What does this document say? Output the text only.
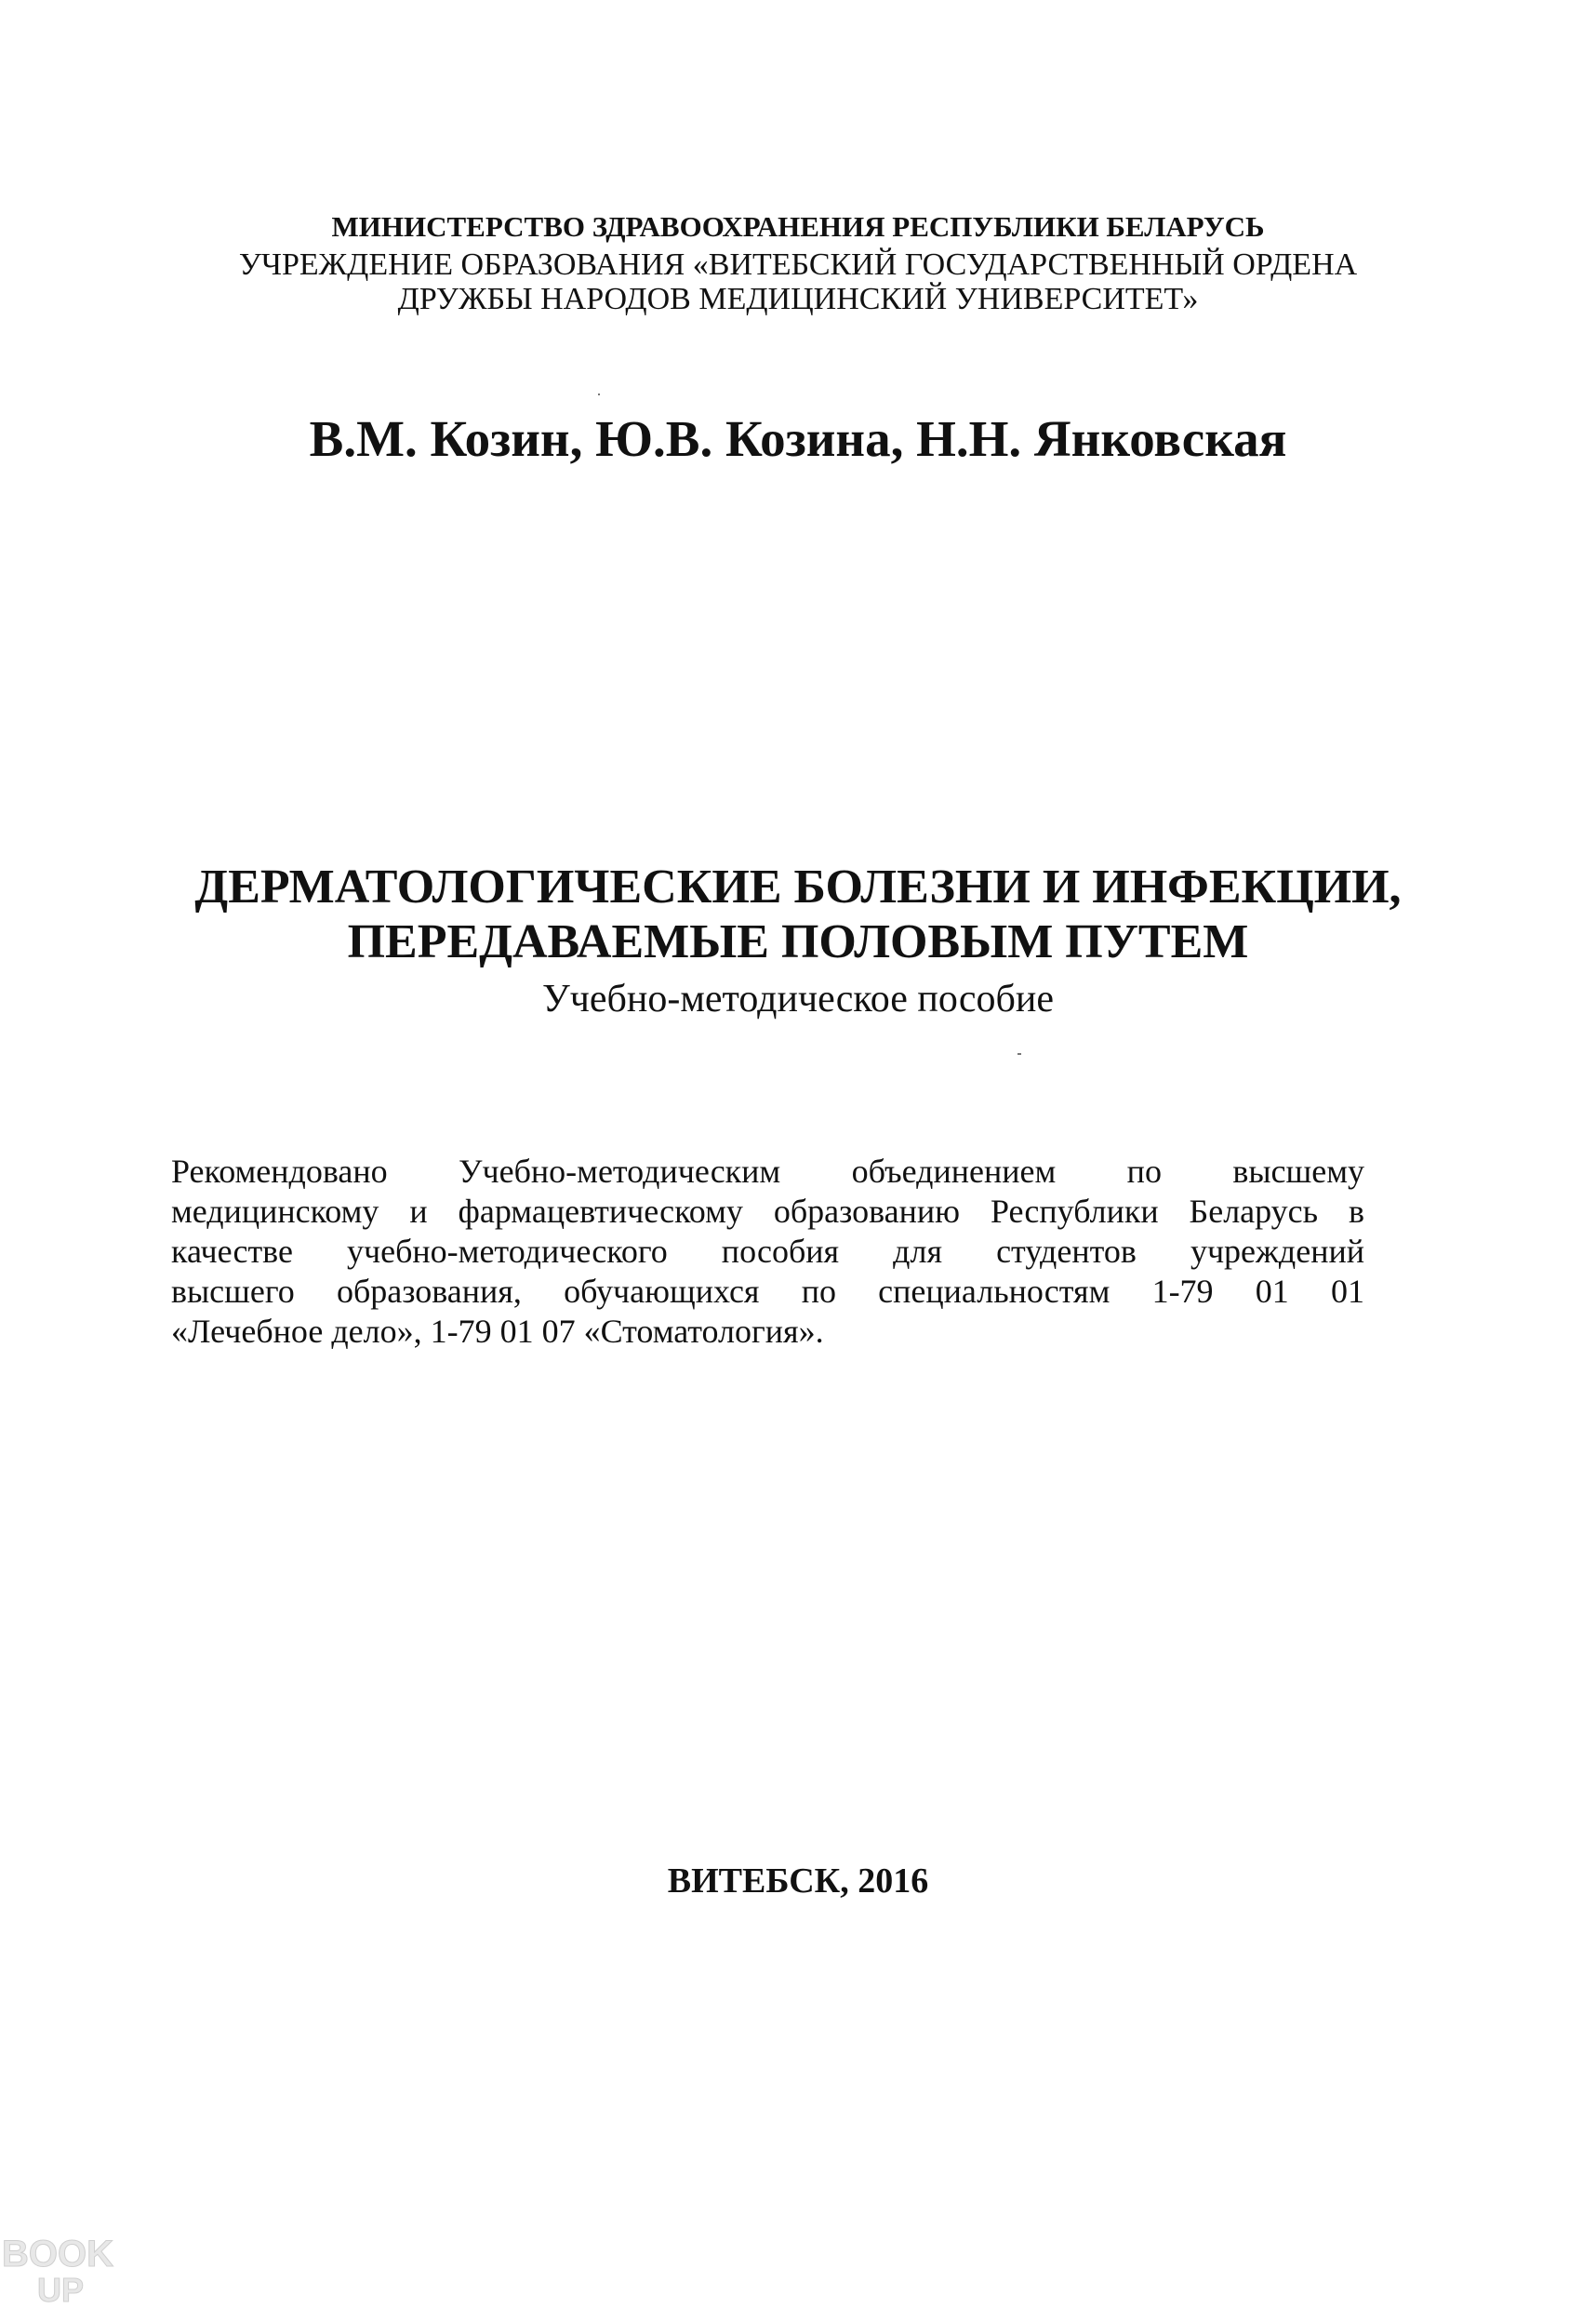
МИНИСТЕРСТВО ЗДРАВООХРАНЕНИЯ РЕСПУБЛИКИ БЕЛАРУСЬ
УЧРЕЖДЕНИЕ ОБРАЗОВАНИЯ «ВИТЕБСКИЙ ГОСУДАРСТВЕННЫЙ ОРДЕНА
ДРУЖБЫ НАРОДОВ МЕДИЦИНСКИЙ УНИВЕРСИТЕТ»
В.М. Козин, Ю.В. Козина, Н.Н. Янковская
ДЕРМАТОЛОГИЧЕСКИЕ БОЛЕЗНИ И ИНФЕКЦИИ,
ПЕРЕДАВАЕМЫЕ ПОЛОВЫМ ПУТЕМ
Учебно-методическое пособие
Рекомендовано Учебно-методическим объединением по высшему
медицинскому и фармацевтическому образованию Республики Беларусь в
качестве учебно-методического пособия для студентов учреждений
высшего образования, обучающихся по специальностям 1-79 01 01
«Лечебное дело», 1-79 01 07 «Стоматология».
ВИТЕБСК, 2016
BOOK
UP
